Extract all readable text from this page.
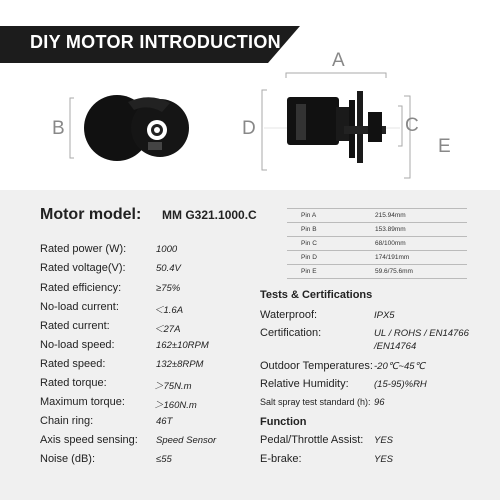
DIY MOTOR INTRODUCTION
A
B	D	C
E
Motor model: MM G321.1000.C
Rated power (W):	1000
Rated voltage(V):	50.4V
Rated efficiency:	≥75%
No-load current:	＜1.6A
Rated current:	＜27A
No-load speed:	162±10RPM
Rated speed:	132±8RPM
Rated torque:	＞75N.m
Maximum torque:	＞160N.m
Chain ring:	46T
Axis speed sensing: Speed Sensor
Noise (dB):	≤55
Pin A	215.94mm
Pin B	153.89mm
Pin C	68/100mm
Pin D	174/191mm
Pin E	59.6/75.6mm
Tests & Certifications
Waterproof:	IPX5
Certification:	UL / ROHS / EN14766
/EN14764
Outdoor Temperatures: -20℃~45℃
Relative Humidity:	(15-95)%RH
Salt spray test standard (h): 96
Function
Pedal/Throttle Assist: YES
E-brake:	YES
